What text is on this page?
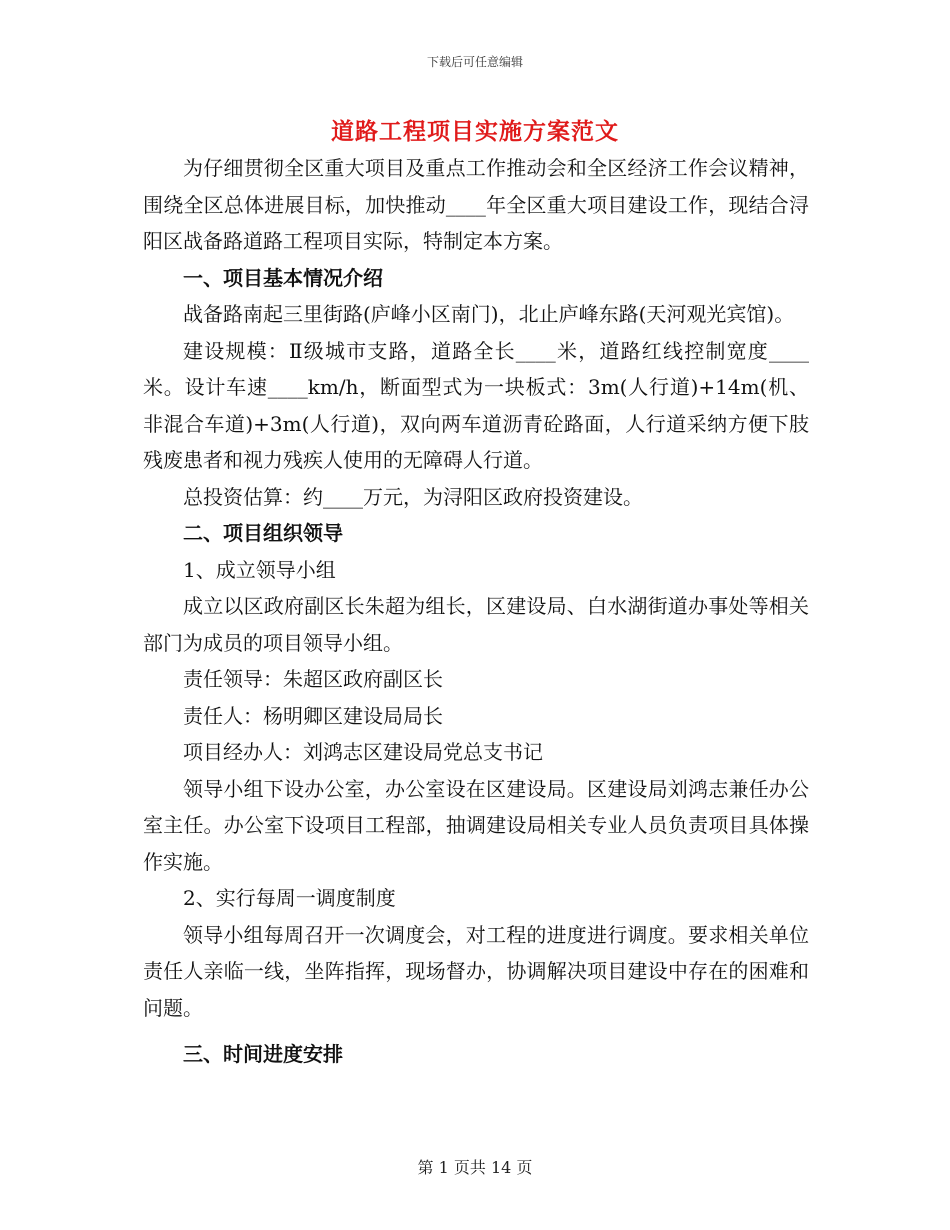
下载后可任意编辑
道路工程项目实施方案范文

为仔细贯彻全区重大项目及重点工作推动会和全区经济工作会议精神，围绕全区总体进展目标，加快推动____年全区重大项目建设工作，现结合浔阳区战备路道路工程项目实际，特制定本方案。

一、项目基本情况介绍

战备路南起三里街路(庐峰小区南门)，北止庐峰东路(天河观光宾馆)。

建设规模：Ⅱ级城市支路，道路全长____米，道路红线控制宽度____米。设计车速____km/h，断面型式为一块板式：3m(人行道)+14m(机、非混合车道)+3m(人行道)，双向两车道沥青砼路面，人行道采纳方便下肢残废患者和视力残疾人使用的无障碍人行道。

总投资估算：约____万元，为浔阳区政府投资建设。

二、项目组织领导

1、成立领导小组

成立以区政府副区长朱超为组长，区建设局、白水湖街道办事处等相关部门为成员的项目领导小组。

责任领导：朱超区政府副区长

责任人：杨明卿区建设局局长

项目经办人：刘鸿志区建设局党总支书记

领导小组下设办公室，办公室设在区建设局。区建设局刘鸿志兼任办公室主任。办公室下设项目工程部，抽调建设局相关专业人员负责项目具体操作实施。

2、实行每周一调度制度

领导小组每周召开一次调度会，对工程的进度进行调度。要求相关单位责任人亲临一线，坐阵指挥，现场督办，协调解决项目建设中存在的困难和问题。

三、时间进度安排

第 1 页共 14 页
